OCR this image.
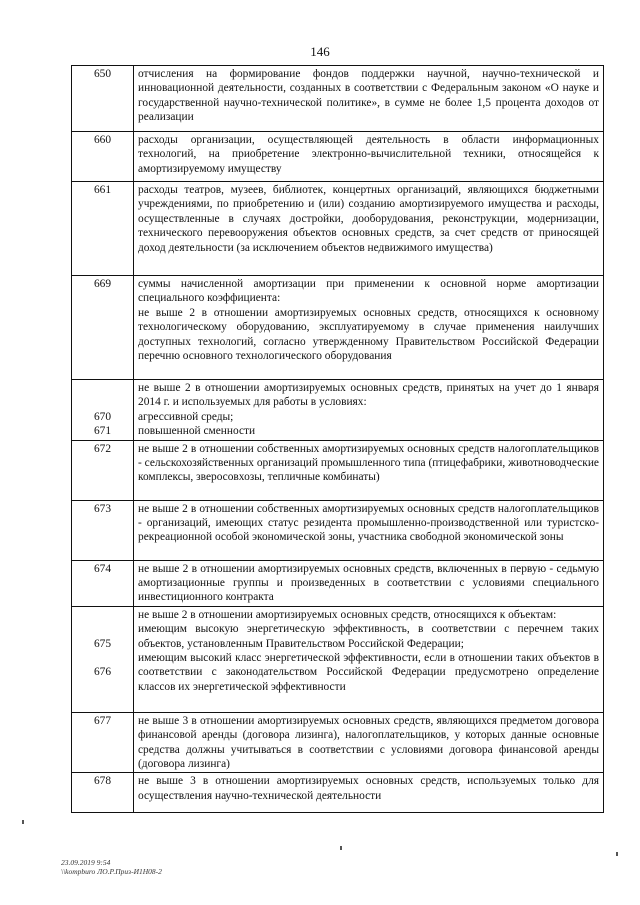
146
650	отчисления на формирование фондов поддержки научной, научно-технической и инновационной деятельности, созданных в соответствии с Федеральным законом «О науке и государственной научно-технической политике», в сумме не более 1,5 процента доходов от реализации
660	расходы организации, осуществляющей деятельность в области информационных технологий, на приобретение электронно-вычислительной техники, относящейся к амортизируемому имуществу
661	расходы театров, музеев, библиотек, концертных организаций, являющихся бюджетными учреждениями, по приобретению и (или) созданию амортизируемого имущества и расходы, осуществленные в случаях достройки, дооборудования, реконструкции, модернизации, технического перевооружения объектов основных средств, за счет средств от приносящей доход деятельности (за исключением объектов недвижимого имущества)
669	суммы начисленной амортизации при применении к основной норме амортизации специального коэффициента:
не выше 2 в отношении амортизируемых основных средств, относящихся к основному технологическому оборудованию, эксплуатируемому в случае применения наилучших доступных технологий, согласно утвержденному Правительством Российской Федерации перечню основного технологического оборудования

670
671	не выше 2 в отношении амортизируемых основных средств, принятых на учет до 1 января 2014 г. и используемых для работы в условиях:
агрессивной среды;
повышенной сменности

672	не выше 2 в отношении собственных амортизируемых основных средств налогоплательщиков - сельскохозяйственных организаций промышленного типа (птицефабрики, животноводческие комплексы, зверосовхозы, тепличные комбинаты)
673	не выше 2 в отношении собственных амортизируемых основных средств налогоплательщиков - организаций, имеющих статус резидента промышленно-производственной или туристско-рекреационной особой экономической зоны, участника свободной экономической зоны
674	не выше 2 в отношении амортизируемых основных средств, включенных в первую - седьмую амортизационные группы и произведенных в соответствии с условиями специального инвестиционного контракта

675
676	не выше 2 в отношении амортизируемых основных средств, относящихся к объектам:
имеющим высокую энергетическую эффективность, в соответствии с перечнем таких объектов, установленным Правительством Российской Федерации;
имеющим высокий класс энергетической эффективности, если в отношении таких объектов в соответствии с законодательством Российской Федерации предусмотрено определение классов их энергетической эффективности

677	не выше 3 в отношении амортизируемых основных средств, являющихся предметом договора финансовой аренды (договора лизинга), налогоплательщиков, у которых данные основные средства должны учитываться в соответствии с условиями договора финансовой аренды (договора лизинга)
678	не выше 3 в отношении амортизируемых основных средств, используемых только для осуществления научно-технической деятельности
23.09.2019 9:54
\\kompburo ЛО.Р.Приз-И1Н08-2
